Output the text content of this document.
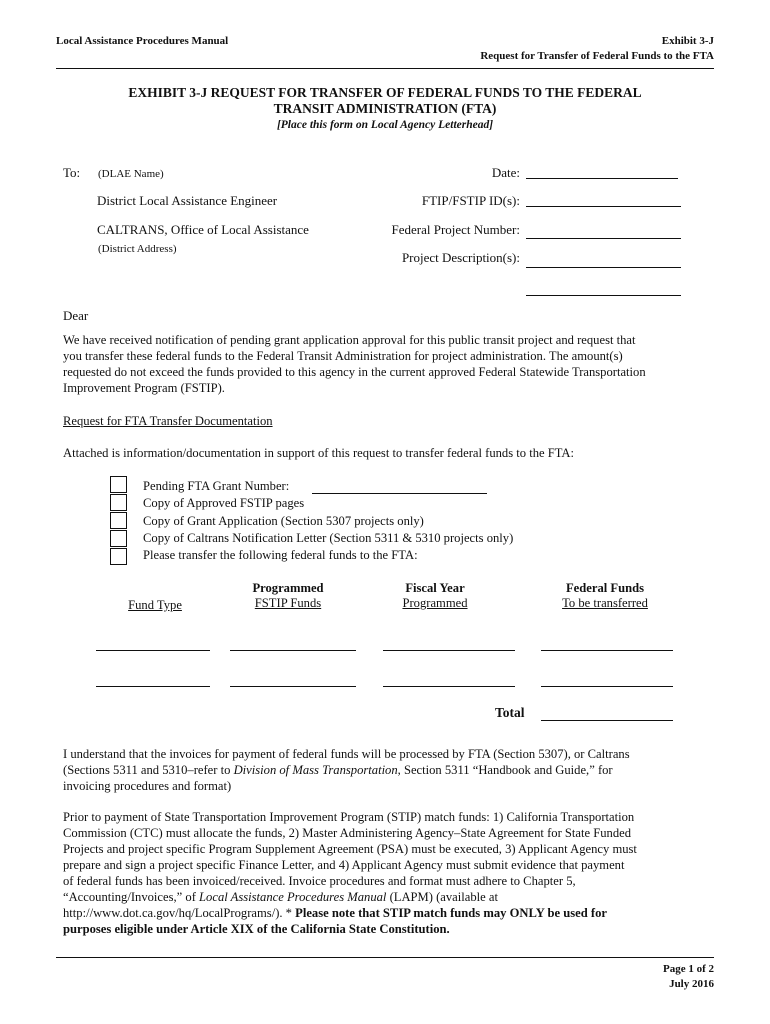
Local Assistance Procedures Manual	Exhibit 3-J
Request for Transfer of Federal Funds to the FTA
EXHIBIT 3-J REQUEST FOR TRANSFER OF FEDERAL FUNDS TO THE FEDERAL
TRANSIT ADMINISTRATION (FTA)
[Place this form on Local Agency Letterhead]
To: (DLAE Name)
District Local Assistance Engineer
CALTRANS, Office of Local Assistance
(District Address)
Date:
FTIP/FSTIP ID(s):
Federal Project Number:
Project Description(s):
Dear

We have received notification of pending grant application approval for this public transit project and request that

you transfer these federal funds to the Federal Transit Administration for project administration. The amount(s)

requested do not exceed the funds provided to this agency in the current approved Federal Statewide Transportation

Improvement Program (FSTIP).

Request for FTA Transfer Documentation
Attached is information/documentation in support of this request to transfer federal funds to the FTA:
Pending FTA Grant Number:
Copy of Approved FSTIP pages
Copy of Grant Application (Section 5307 projects only)
Copy of Caltrans Notification Letter (Section 5311 & 5310 projects only)
Please transfer the following federal funds to the FTA:
Fund Type
Programmed
FSTIP Funds
Fiscal Year
Programmed
Federal Funds
To be transferred
Total

I understand that the invoices for payment of federal funds will be processed by FTA (Section 5307), or Caltrans

(Sections 5311 and 5310–refer to Division of Mass Transportation, Section 5311 “Handbook and Guide,” for

invoicing procedures and format)

Prior to payment of State Transportation Improvement Program (STIP) match funds: 1) California Transportation

Commission (CTC) must allocate the funds, 2) Master Administering Agency–State Agreement for State Funded

Projects and project specific Program Supplement Agreement (PSA) must be executed, 3) Applicant Agency must

prepare and sign a project specific Finance Letter, and 4) Applicant Agency must submit evidence that payment

of federal funds has been invoiced/received. Invoice procedures and format must adhere to Chapter 5,

“Accounting/Invoices,” of Local Assistance Procedures Manual (LAPM) (available at

http://www.dot.ca.gov/hq/LocalPrograms/). * Please note that STIP match funds may ONLY be used for

purposes eligible under Article XIX of the California State Constitution.

Page 1 of 2
July 2016
